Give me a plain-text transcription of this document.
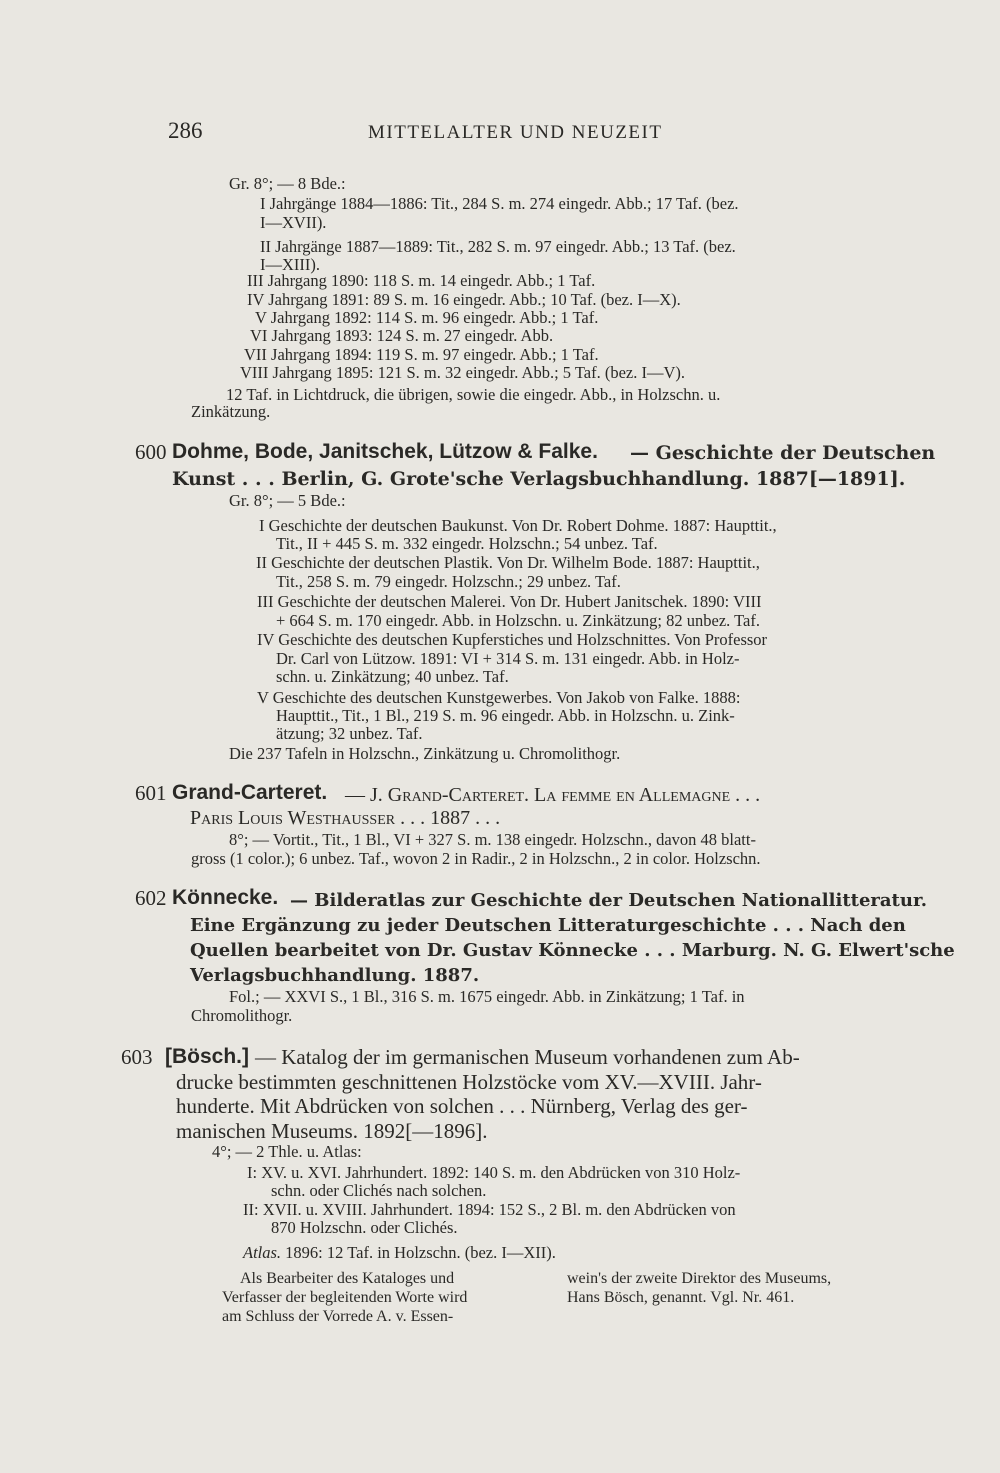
286	MITTELALTER UND NEUZEIT
Gr. 8°; — 8 Bde.:
I Jahrgänge 1884—1886: Tit., 284 S. m. 274 eingedr. Abb.; 17 Taf. (bez.
I—XVII).
II Jahrgänge 1887—1889: Tit., 282 S. m. 97 eingedr. Abb.; 13 Taf. (bez.
I—XIII).
III Jahrgang 1890: 118 S. m. 14 eingedr. Abb.; 1 Taf.
IV Jahrgang 1891: 89 S. m. 16 eingedr. Abb.; 10 Taf. (bez. I—X).
V Jahrgang 1892: 114 S. m. 96 eingedr. Abb.; 1 Taf.
VI Jahrgang 1893: 124 S. m. 27 eingedr. Abb.
VII Jahrgang 1894: 119 S. m. 97 eingedr. Abb.; 1 Taf.
VIII Jahrgang 1895: 121 S. m. 32 eingedr. Abb.; 5 Taf. (bez. I—V).
12 Taf. in Lichtdruck, die übrigen, sowie die eingedr. Abb., in Holzschn. u.
Zinkätzung.
600 Dohme, Bode, Janitschek, Lützow & Falke. — Geschichte der Deutschen
Kunst . . . Berlin, G. Grote'sche Verlagsbuchhandlung. 1887[—1891].
Gr. 8°; — 5 Bde.:
I Geschichte der deutschen Baukunst. Von Dr. Robert Dohme. 1887: Haupttit.,
Tit., II + 445 S. m. 332 eingedr. Holzschn.; 54 unbez. Taf.
II Geschichte der deutschen Plastik. Von Dr. Wilhelm Bode. 1887: Haupttit.,
Tit., 258 S. m. 79 eingedr. Holzschn.; 29 unbez. Taf.
III Geschichte der deutschen Malerei. Von Dr. Hubert Janitschek. 1890: VIII
+ 664 S. m. 170 eingedr. Abb. in Holzschn. u. Zinkätzung; 82 unbez. Taf.
IV Geschichte des deutschen Kupferstiches und Holzschnittes. Von Professor
Dr. Carl von Lützow. 1891: VI + 314 S. m. 131 eingedr. Abb. in Holz-
schn. u. Zinkätzung; 40 unbez. Taf.
V Geschichte des deutschen Kunstgewerbes. Von Jakob von Falke. 1888:
Haupttit., Tit., 1 Bl., 219 S. m. 96 eingedr. Abb. in Holzschn. u. Zink-
ätzung; 32 unbez. Taf.
Die 237 Tafeln in Holzschn., Zinkätzung u. Chromolithogr.
601 Grand-Carteret. — J. Grand-Carteret. La femme en Allemagne . . .
Paris Louis Westhausser . . . 1887 . . .
8°; — Vortit., Tit., 1 Bl., VI + 327 S. m. 138 eingedr. Holzschn., davon 48 blatt-
gross (1 color.); 6 unbez. Taf., wovon 2 in Radir., 2 in Holzschn., 2 in color. Holzschn.
602 Könnecke. — Bilderatlas zur Geschichte der Deutschen Nationallitteratur.
Eine Ergänzung zu jeder Deutschen Litteraturgeschichte . . . Nach den
Quellen bearbeitet von Dr. Gustav Könnecke . . . Marburg. N. G. Elwert'sche
Verlagsbuchhandlung. 1887.
Fol.; — XXVI S., 1 Bl., 316 S. m. 1675 eingedr. Abb. in Zinkätzung; 1 Taf. in
Chromolithogr.
603 [Bösch.] — Katalog der im germanischen Museum vorhandenen zum Ab-
drucke bestimmten geschnittenen Holzstöcke vom XV.—XVIII. Jahr-
hunderte. Mit Abdrücken von solchen . . . Nürnberg, Verlag des ger-
manischen Museums. 1892[—1896].
4°; — 2 Thle. u. Atlas:
I: XV. u. XVI. Jahrhundert. 1892: 140 S. m. den Abdrücken von 310 Holz-
schn. oder Clichés nach solchen.
II: XVII. u. XVIII. Jahrhundert. 1894: 152 S., 2 Bl. m. den Abdrücken von
870 Holzschn. oder Clichés.
Atlas. 1896: 12 Taf. in Holzschn. (bez. I—XII).
Als Bearbeiter des Kataloges und
Verfasser der begleitenden Worte wird
am Schluss der Vorrede A. v. Essen-
wein's der zweite Direktor des Museums,
Hans Bösch, genannt. Vgl. Nr. 461.
